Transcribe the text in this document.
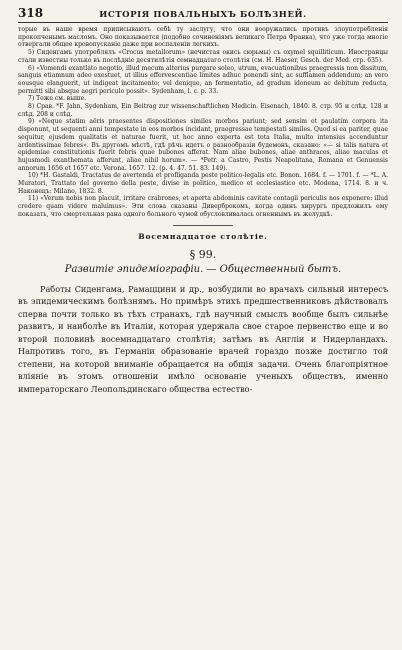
318	ИСТОРІЯ ПОВАЛЬНЫХЪ БОЛѢЗНЕЙ.

торые въ наше время приписываютъ себѣ ту заслугу, что они вооружались противъ злоупотребленія прокопченымъ масломъ. Оно показывается (подобно сочиненіямъ великаго Петра Франка), что уже тогда многіе отвергали общее кровопусканіе даже при воспаленіи легкихъ.

5) Сиденгамъ употреблялъ «Crocus metallorum» (нечистая окись сюрьмы) съ oxymel squilliticum. Иностранцы стали известны только въ послѣдніе десятилѣтія семнадцатаго столѣтія (см. H. Haeser, Gesch. der Med. стр. 635).

6) «Vomendi exantlato negotio, illud mecum alterius purgare soleo, utrum, evacuationibus praegressis non dissitum, sanguis etiamnum adeo exestuet, ut illius effervescentiae limites adhuc ponendi sint, ac sufflamen addendum; an vero eousque elanguerit, ut indigeat incitamento; vel denique, an fermentatio, ad gradum idoneum ac debitum reducta, permitti sibi absque aegri periculo possit». Sydenham, l. c. p. 33.

7) Тоже см. выше.

8) Срав. *F. Jahn, Sydenham, Ein Beitrag zur wissenschaftlichen Medicin. Eisenach, 1840. 8. стр. 95 и слѣд. 128 и слѣд. 208 и слѣд.

9) «Neque statim aëris praesentes dispositiones similes morbos pariunt; sed sensim et paulatim corpora ita disponunt, ut sequenti anni tempestate in eos morbos incidant, praegressae tempestati similes. Quod si ea pariter, quae sequitur, ejusdem qualitatis et naturae fuerit, ut hoc anno experta est tota Italia, multo intensius accenduntur ardentissimae febres». Въ другомъ мѣстѣ, гдѣ рѣчь идетъ о разнообразіи будемонъ, сказано: «— si talis natura et epidemiae constitutionis fuerit febris quae bubones afferat. Nam aliae bubones, aliae anthraces, aliae maculas et hujusmodi exanthemata afferunt, aliae nihil horum». — *Petr. a Castro, Pestis Neapolitana, Romana et Genuensis annorum 1656 et 1657 etc. Verona. 1657. 12. (р. 4. 47. 51. 83. 149).

10) *H. Gastaldi, Tractatus de avertenda et profliganda peste politico-legalis etc. Bonon. 1684. f. — 1701. f. — *L. A. Muratori, Trattato del governo della peste, divise in politico, medico et ecclesiastico etc. Modena, 1714. 8. и ч. Наконецъ: Milano, 1832. 8.

11) «Verum nobis non placuit, irritare crabrones, et aperta abdominis cavitate contagii periculis nos exponere: illud credere quam videre maluimus». Эти слова сказаны Диверброкомъ, когда одинъ хирургъ предложилъ ему показать, что смертельная рана одного больного чумой обусловливалась огненнымъ въ желудкѣ.

Восемнадцатое столѣтіе.
§ 99.
Развитіе эпидеміографіи. — Общественный бытъ.

Работы Сиденгама, Рамаццини и др., возбудили во врачахъ сильный интересъ въ эпидемическимъ болѣзнямъ. Но примѣръ этихъ предшественниковъ дѣйствовалъ сперва почти только въ тѣхъ странахъ, гдѣ научный смыслъ вообще былъ сильнѣе развитъ, и наиболѣе въ Италіи, которая удержала свое старое первенство еще и во второй половинѣ восемнадцатаго столѣтія; затѣмъ въ Англіи и Нидерландахъ. Напротивъ того, въ Германіи образованіе врачей гораздо позже достигло той степени, на которой вниманіе обращается на общія задачи. Очень благопріятное вліяніе въ этомъ отношеніи имѣло основаніе ученыхъ обществъ, именно императорскаго Леопольдинскаго общества естество-
